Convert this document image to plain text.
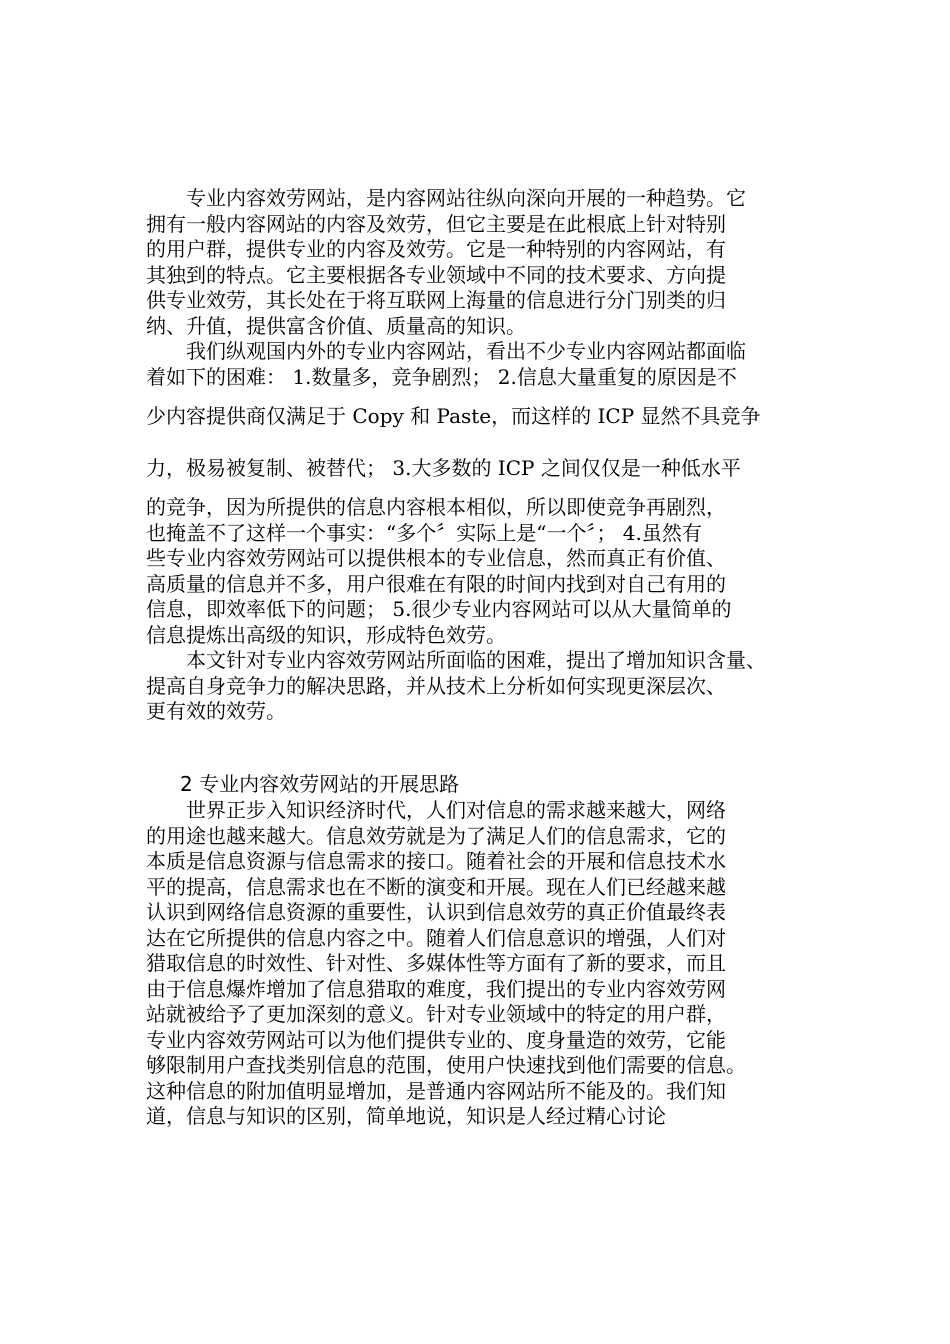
　　专业内容效劳网站，是内容网站往纵向深向开展的一种趋势。它
拥有一般内容网站的内容及效劳，但它主要是在此根底上针对特别
的用户群，提供专业的内容及效劳。它是一种特别的内容网站，有
其独到的特点。它主要根据各专业领域中不同的技术要求、方向提
供专业效劳，其长处在于将互联网上海量的信息进行分门别类的归
纳、升值，提供富含价值、质量高的知识。
　　我们纵观国内外的专业内容网站，看出不少专业内容网站都面临
着如下的困难： 1.数量多，竞争剧烈； 2.信息大量重复的原因是不
少内容提供商仅满足于 Copy 和 Paste，而这样的 ICP 显然不具竞争
力，极易被复制、被替代； 3.大多数的 ICP 之间仅仅是一种低水平
的竞争，因为所提供的信息内容根本相似，所以即使竞争再剧烈，
也掩盖不了这样一个事实：“多个〞实际上是“一个〞； 4.虽然有
些专业内容效劳网站可以提供根本的专业信息，然而真正有价值、
高质量的信息并不多，用户很难在有限的时间内找到对自己有用的
信息，即效率低下的问题； 5.很少专业内容网站可以从大量简单的
信息提炼出高级的知识，形成特色效劳。
　　本文针对专业内容效劳网站所面临的困难，提出了增加知识含量、
提高自身竞争力的解决思路，并从技术上分析如何实现更深层次、
更有效的效劳。
2 专业内容效劳网站的开展思路
　　世界正步入知识经济时代，人们对信息的需求越来越大，网络
的用途也越来越大。信息效劳就是为了满足人们的信息需求，它的
本质是信息资源与信息需求的接口。随着社会的开展和信息技术水
平的提高，信息需求也在不断的演变和开展。现在人们已经越来越
认识到网络信息资源的重要性，认识到信息效劳的真正价值最终表
达在它所提供的信息内容之中。随着人们信息意识的增强，人们对
猎取信息的时效性、针对性、多媒体性等方面有了新的要求，而且
由于信息爆炸增加了信息猎取的难度，我们提出的专业内容效劳网
站就被给予了更加深刻的意义。针对专业领域中的特定的用户群，
专业内容效劳网站可以为他们提供专业的、度身量造的效劳，它能
够限制用户查找类别信息的范围，使用户快速找到他们需要的信息。
这种信息的附加值明显增加，是普通内容网站所不能及的。我们知
道，信息与知识的区别，简单地说，知识是人经过精心讨论
